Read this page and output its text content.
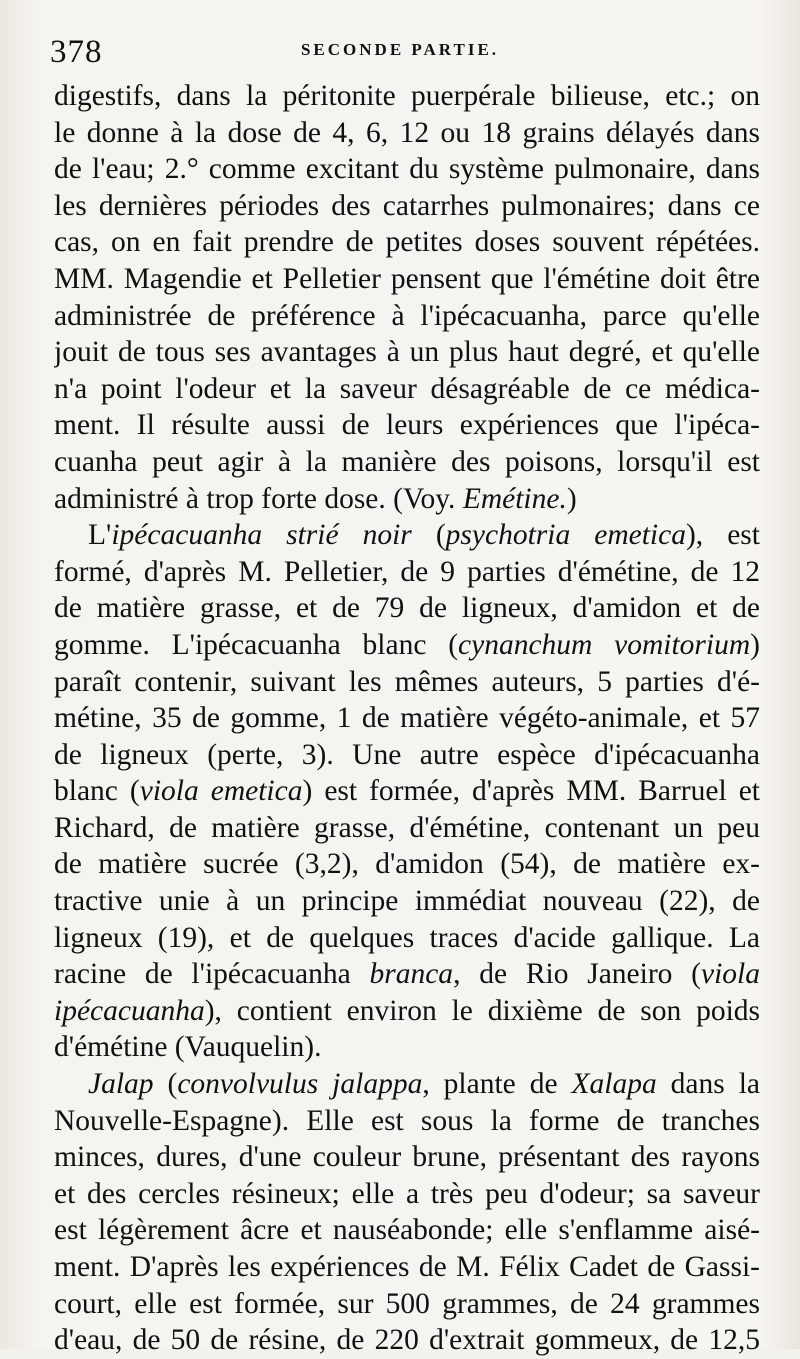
378	SECONDE PARTIE.
digestifs, dans la péritonite puerpérale bilieuse, etc.; on
le donne à la dose de 4, 6, 12 ou 18 grains délayés dans
de l'eau; 2.° comme excitant du système pulmonaire, dans
les dernières périodes des catarrhes pulmonaires; dans ce
cas, on en fait prendre de petites doses souvent répétées.
MM. Magendie et Pelletier pensent que l'émétine doit être
administrée de préférence à l'ipécacuanha, parce qu'elle
jouit de tous ses avantages à un plus haut degré, et qu'elle
n'a point l'odeur et la saveur désagréable de ce médica-
ment. Il résulte aussi de leurs expériences que l'ipéca-
cuanha peut agir à la manière des poisons, lorsqu'il est
administré à trop forte dose. (Voy. Emétine.)
L'ipécacuanha strié noir (psychotria emetica), est
formé, d'après M. Pelletier, de 9 parties d'émétine, de 12
de matière grasse, et de 79 de ligneux, d'amidon et de
gomme. L'ipécacuanha blanc (cynanchum vomitorium)
paraît contenir, suivant les mêmes auteurs, 5 parties d'é-
métine, 35 de gomme, 1 de matière végéto-animale, et 57
de ligneux (perte, 3). Une autre espèce d'ipécacuanha
blanc (viola emetica) est formée, d'après MM. Barruel et
Richard, de matière grasse, d'émétine, contenant un peu
de matière sucrée (3,2), d'amidon (54), de matière ex-
tractive unie à un principe immédiat nouveau (22), de
ligneux (19), et de quelques traces d'acide gallique. La
racine de l'ipécacuanha branca, de Rio Janeiro (viola
ipécacuanha), contient environ le dixième de son poids
d'émétine (Vauquelin).
Jalap (convolvulus jalappa, plante de Xalapa dans la
Nouvelle-Espagne). Elle est sous la forme de tranches
minces, dures, d'une couleur brune, présentant des rayons
et des cercles résineux; elle a très peu d'odeur; sa saveur
est légèrement âcre et nauséabonde; elle s'enflamme aisé-
ment. D'après les expériences de M. Félix Cadet de Gassi-
court, elle est formée, sur 500 grammes, de 24 grammes
d'eau, de 50 de résine, de 220 d'extrait gommeux, de 12,5
